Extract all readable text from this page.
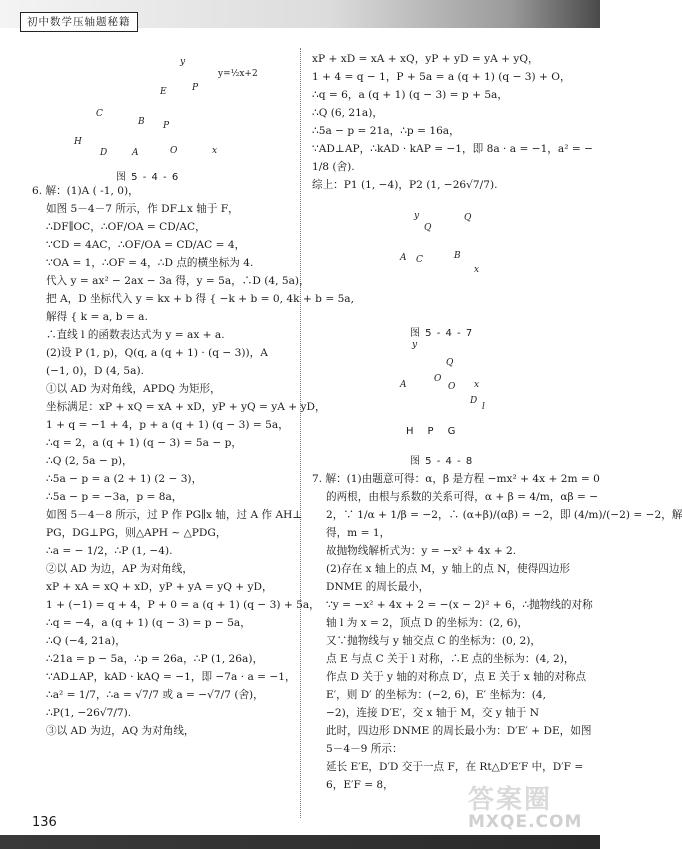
初中数学压轴题秘籍
y
y=½x+2
E
C
B P
P
H
D	A	O	x
图 5 - 4 - 6

6. 解：(1)A ( -1, 0)，

如图 5－4－7 所示，作 DF⊥x 轴于 F，

∴DF∥OC，∴OF/OA = CD/AC，

∵CD = 4AC，∴OF/OA = CD/AC = 4，

∵OA = 1，∴OF = 4，∴D 点的横坐标为 4.

代入 y = ax² − 2ax − 3a 得，y = 5a，∴D (4, 5a)，

把 A，D 坐标代入 y = kx + b 得 { −k + b = 0, 4k + b = 5a,

解得 { k = a, b = a.

∴直线 l 的函数表达式为 y = ax + a.

(2)设 P (1, p)，Q(q, a (q + 1) · (q − 3))，A

(−1, 0)，D (4, 5a).

①以 AD 为对角线，APDQ 为矩形，

坐标满足：xP + xQ = xA + xD，yP + yQ = yA + yD，

1 + q = −1 + 4，p + a (q + 1) (q − 3) = 5a，

∴q = 2，a (q + 1) (q − 3) = 5a − p，

∴Q (2, 5a − p)，

∴5a − p = a (2 + 1) (2 − 3)，

∴5a − p = −3a，p = 8a，

如图 5－4－8 所示，过 P 作 PG∥x 轴，过 A 作 AH⊥

PG，DG⊥PG，则△APH ∼ △PDG，

∴a = − 1/2，∴P (1, −4).

②以 AD 为边，AP 为对角线，

xP + xA = xQ + xD，yP + yA = yQ + yD，

1 + (−1) = q + 4，P + 0 = a (q + 1) (q − 3) + 5a，

∴q = −4，a (q + 1) (q − 3) = p − 5a，

∴Q (−4, 21a)，

∴21a = p − 5a，∴p = 26a，∴P (1, 26a)，

∵AD⊥AP，kAD · kAQ = −1，即 −7a · a = −1，

∴a² = 1/7，∴a = √7/7 或 a = −√7/7 (舍)，

∴P(1, −26√7/7).

③以 AD 为边，AQ 为对角线，

xP + xD = xA + xQ，yP + yD = yA + yQ，

1 + 4 = q − 1，P + 5a = a (q + 1) (q − 3) + O，

∴q = 6，a (q + 1) (q − 3) = p + 5a，

∴Q (6, 21a)，

∴5a − p = 21a，∴p = 16a，

∵AD⊥AP，∴kAD · kAP = −1，即 8a · a = −1，a² = −

1/8 (舍).

综上：P1 (1, −4)，P2 (1, −26√7/7).

y
Q
Q
A C	B
x
图 5 - 4 - 7
y
Q
O
A	O x
D
l
HPG
图 5 - 4 - 8

7. 解：(1)由题意可得：α，β 是方程 −mx² + 4x + 2m = 0

的两根，由根与系数的关系可得，α + β = 4/m，αβ = −

2，∵ 1/α + 1/β = −2，∴ (α+β)/(αβ) = −2，即 (4/m)/(−2) = −2，解

得，m = 1，

故抛物线解析式为：y = −x² + 4x + 2.

(2)存在 x 轴上的点 M，y 轴上的点 N，使得四边形

DNME 的周长最小，

∵y = −x² + 4x + 2 = −(x − 2)² + 6，∴抛物线的对称

轴 l 为 x = 2，顶点 D 的坐标为：(2, 6)，

又∵抛物线与 y 轴交点 C 的坐标为：(0, 2)，

点 E 与点 C 关于 l 对称，∴E 点的坐标为：(4, 2)，

作点 D 关于 y 轴的对称点 D′，点 E 关于 x 轴的对称点

E′，则 D′ 的坐标为：(−2, 6)，E′ 坐标为：(4,

−2)，连接 D′E′，交 x 轴于 M，交 y 轴于 N

此时，四边形 DNME 的周长最小为：D′E′ + DE，如图

5－4－9 所示：

延长 E′E，D′D 交于一点 F，在 Rt△D′E′F 中，D′F =

6，E′F = 8，

136
答案圈
MXQE.COM
